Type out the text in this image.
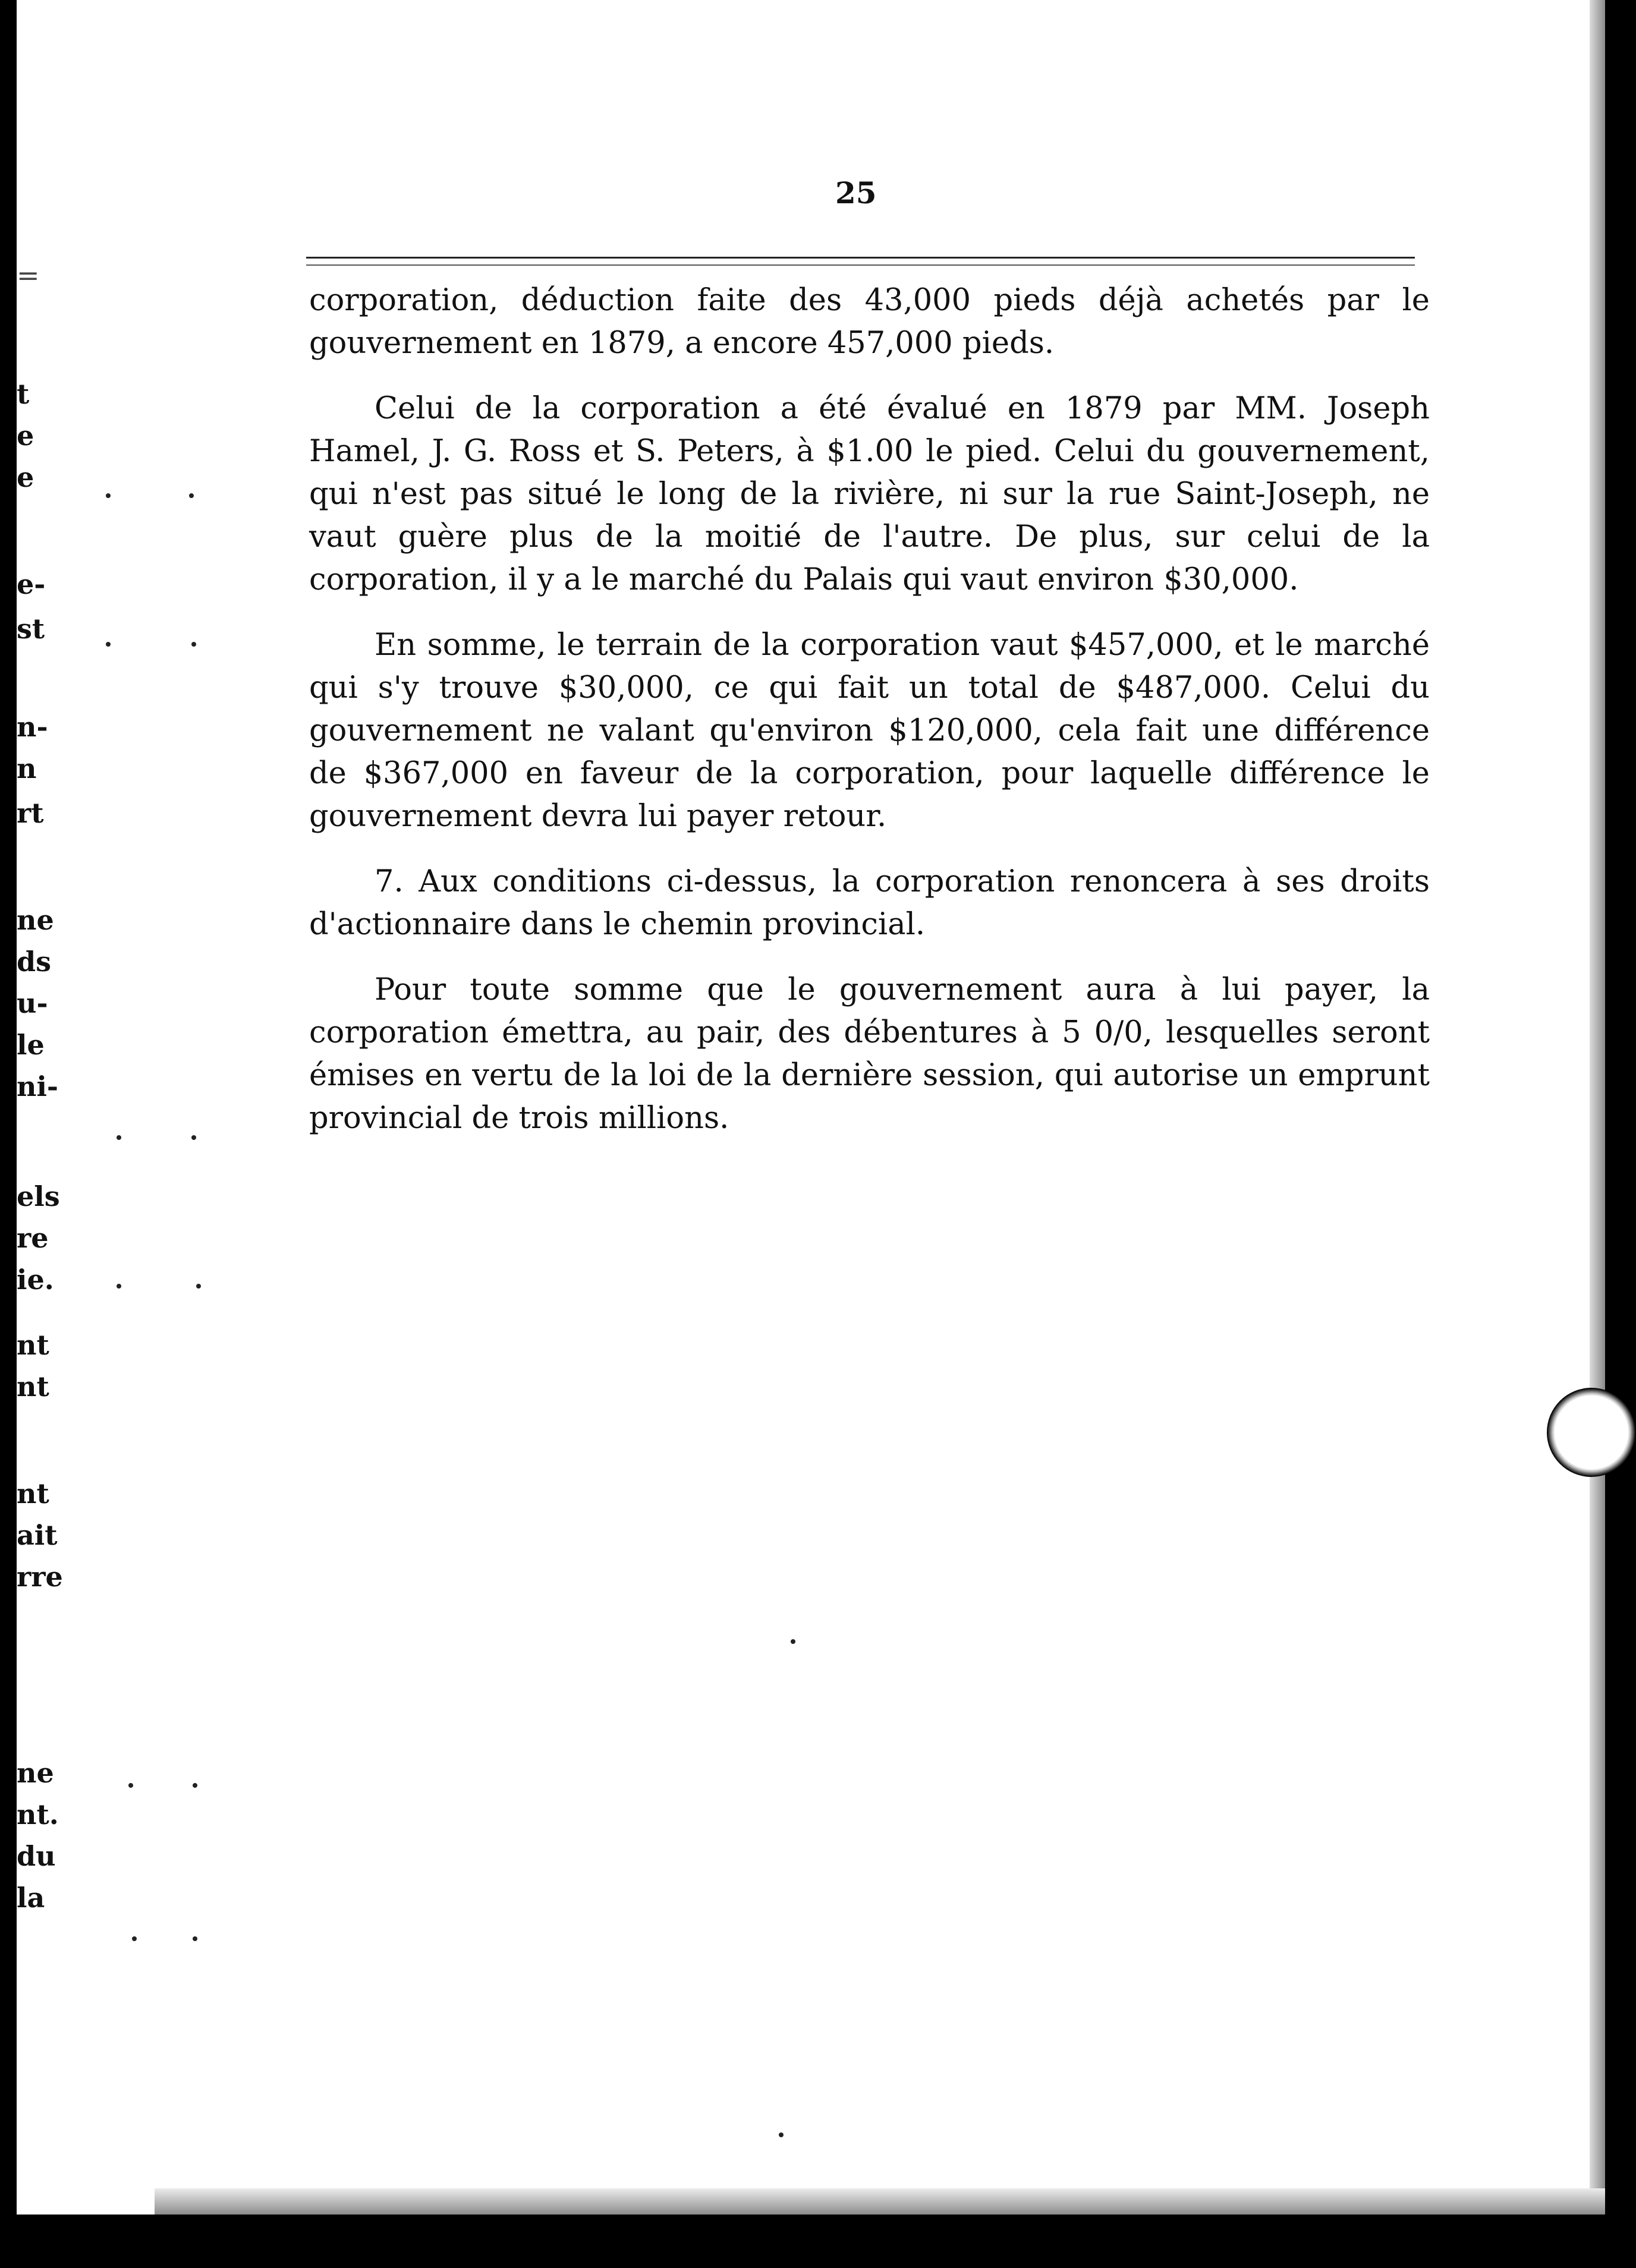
=
t
e
e
e-
st
n-
n
rt
ne
ds
u-
le
ni-
els
re
ie.
nt
nt
nt
ait
rre
ne
nt.
du
la
25

corporation, déduction faite des 43,000 pieds déjà achetés par le gouvernement en 1879, a encore 457,000 pieds.

Celui de la corporation a été évalué en 1879 par MM. Joseph Hamel, J. G. Ross et S. Peters, à $1.00 le pied. Celui du gouvernement, qui n'est pas situé le long de la rivière, ni sur la rue Saint-Joseph, ne vaut guère plus de la moitié de l'autre. De plus, sur celui de la corporation, il y a le marché du Palais qui vaut environ $30,000.

En somme, le terrain de la corporation vaut $457,000, et le marché qui s'y trouve $30,000, ce qui fait un total de $487,000. Celui du gouvernement ne valant qu'environ $120,000, cela fait une différence de $367,000 en faveur de la corporation, pour laquelle différence le gouvernement devra lui payer retour.

7. Aux conditions ci-dessus, la corporation renoncera à ses droits d'actionnaire dans le chemin provincial.

Pour toute somme que le gouvernement aura à lui payer, la corporation émettra, au pair, des débentures à 5 0/0, lesquelles seront émises en vertu de la loi de la dernière session, qui autorise un emprunt provincial de trois millions.
